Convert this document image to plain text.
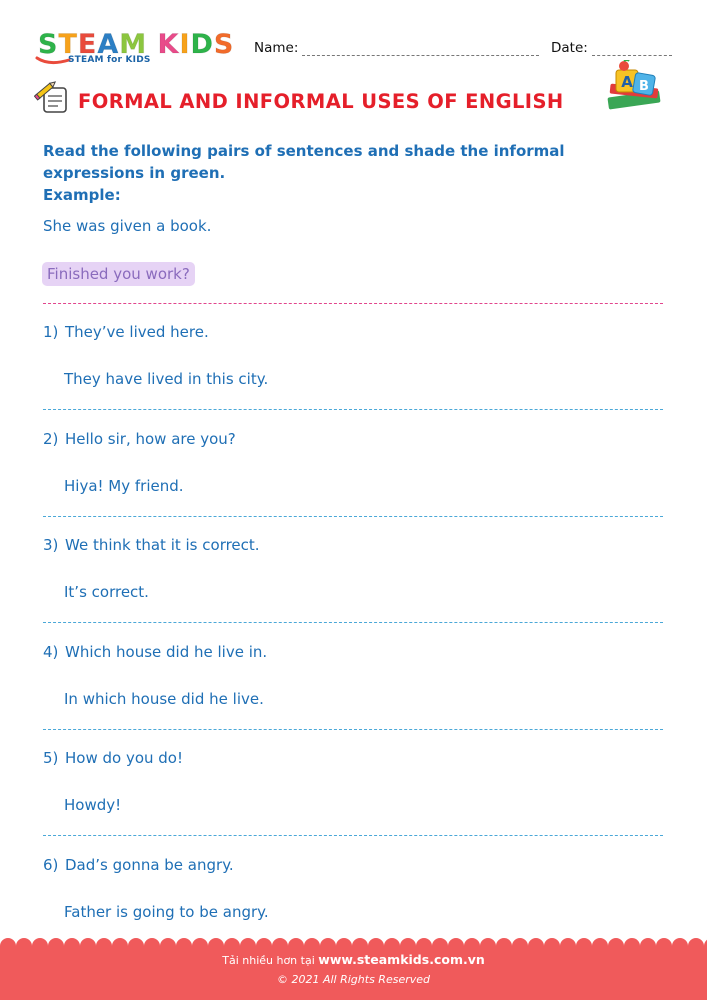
S T E A M
K I D S
STEAM for KIDS
Name:	Date:
FORMAL AND INFORMAL USES OF ENGLISH
A B
Read the following pairs of sentences and shade the informal expressions in green.
Example:
She was given a book.
Finished you work?
1) They’ve lived here.
They have lived in this city.
2) Hello sir, how are you?
Hiya! My friend.
3) We think that it is correct.
It’s correct.
4) Which house did he live in.
In which house did he live.
5) How do you do!
Howdy!
6) Dad’s gonna be angry.
Father is going to be angry.
Tải nhiều hơn tại www.steamkids.com.vn
© 2021 All Rights Reserved
